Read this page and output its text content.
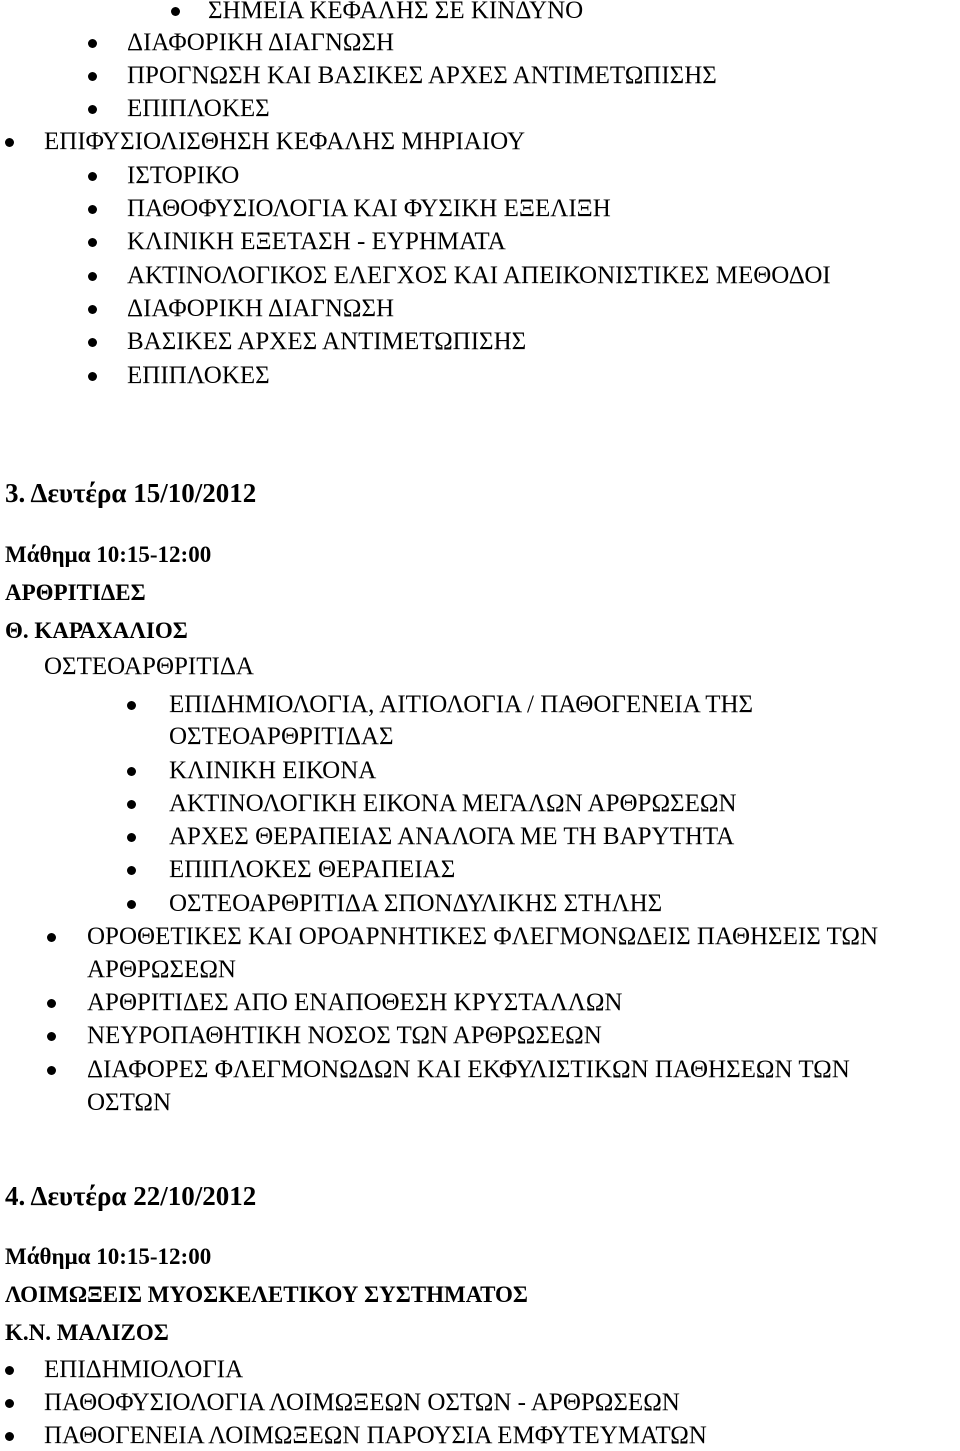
ΣΗΜΕΙΑ ΚΕΦΑΛΗΣ ΣΕ ΚΙΝΔΥΝΟ
ΔΙΑΦΟΡΙΚΗ ΔΙΑΓΝΩΣΗ
ΠΡΟΓΝΩΣΗ ΚΑΙ ΒΑΣΙΚΕΣ ΑΡΧΕΣ ΑΝΤΙΜΕΤΩΠΙΣΗΣ
ΕΠΙΠΛΟΚΕΣ
ΕΠΙΦΥΣΙΟΛΙΣΘΗΣΗ ΚΕΦΑΛΗΣ ΜΗΡΙΑΙΟΥ
ΙΣΤΟΡΙΚΟ
ΠΑΘΟΦΥΣΙΟΛΟΓΙΑ ΚΑΙ ΦΥΣΙΚΗ ΕΞΕΛΙΞΗ
ΚΛΙΝΙΚΗ ΕΞΕΤΑΣΗ - ΕΥΡΗΜΑΤΑ
ΑΚΤΙΝΟΛΟΓΙΚΟΣ ΕΛΕΓΧΟΣ ΚΑΙ ΑΠΕΙΚΟΝΙΣΤΙΚΕΣ ΜΕΘΟΔΟΙ
ΔΙΑΦΟΡΙΚΗ ΔΙΑΓΝΩΣΗ
ΒΑΣΙΚΕΣ ΑΡΧΕΣ ΑΝΤΙΜΕΤΩΠΙΣΗΣ
ΕΠΙΠΛΟΚΕΣ
3. Δευτέρα 15/10/2012
Μάθημα 10:15-12:00
ΑΡΘΡΙΤΙΔΕΣ
Θ. ΚΑΡΑΧΑΛΙΟΣ
ΟΣΤΕΟΑΡΘΡΙΤΙΔΑ
ΕΠΙΔΗΜΙΟΛΟΓΙΑ, ΑΙΤΙΟΛΟΓΙΑ / ΠΑΘΟΓΕΝΕΙΑ ΤΗΣ
ΟΣΤΕΟΑΡΘΡΙΤΙΔΑΣ
ΚΛΙΝΙΚΗ ΕΙΚΟΝΑ
ΑΚΤΙΝΟΛΟΓΙΚΗ ΕΙΚΟΝΑ ΜΕΓΑΛΩΝ ΑΡΘΡΩΣΕΩΝ
ΑΡΧΕΣ ΘΕΡΑΠΕΙΑΣ ΑΝΑΛΟΓΑ ΜΕ ΤΗ ΒΑΡΥΤΗΤΑ
ΕΠΙΠΛΟΚΕΣ ΘΕΡΑΠΕΙΑΣ
ΟΣΤΕΟΑΡΘΡΙΤΙΔΑ ΣΠΟΝΔΥΛΙΚΗΣ ΣΤΗΛΗΣ
ΟΡΟΘΕΤΙΚΕΣ ΚΑΙ ΟΡΟΑΡΝΗΤΙΚΕΣ ΦΛΕΓΜΟΝΩΔΕΙΣ ΠΑΘΗΣΕΙΣ ΤΩΝ
ΑΡΘΡΩΣΕΩΝ
ΑΡΘΡΙΤΙΔΕΣ ΑΠΟ ΕΝΑΠΟΘΕΣΗ ΚΡΥΣΤΑΛΛΩΝ
ΝΕΥΡΟΠΑΘΗΤΙΚΗ ΝΟΣΟΣ ΤΩΝ ΑΡΘΡΩΣΕΩΝ
ΔΙΑΦΟΡΕΣ ΦΛΕΓΜΟΝΩΔΩΝ ΚΑΙ ΕΚΦΥΛΙΣΤΙΚΩΝ ΠΑΘΗΣΕΩΝ ΤΩΝ
ΟΣΤΩΝ
4. Δευτέρα 22/10/2012
Μάθημα 10:15-12:00
ΛΟΙΜΩΞΕΙΣ ΜΥΟΣΚΕΛΕΤΙΚΟΥ ΣΥΣΤΗΜΑΤΟΣ
Κ.Ν. ΜΑΛΙΖΟΣ
ΕΠΙΔΗΜΙΟΛΟΓΙΑ
ΠΑΘΟΦΥΣΙΟΛΟΓΙΑ ΛΟΙΜΩΞΕΩΝ ΟΣΤΩΝ - ΑΡΘΡΩΣΕΩΝ
ΠΑΘΟΓΕΝΕΙΑ ΛΟΙΜΩΞΕΩΝ ΠΑΡΟΥΣΙΑ ΕΜΦΥΤΕΥΜΑΤΩΝ
